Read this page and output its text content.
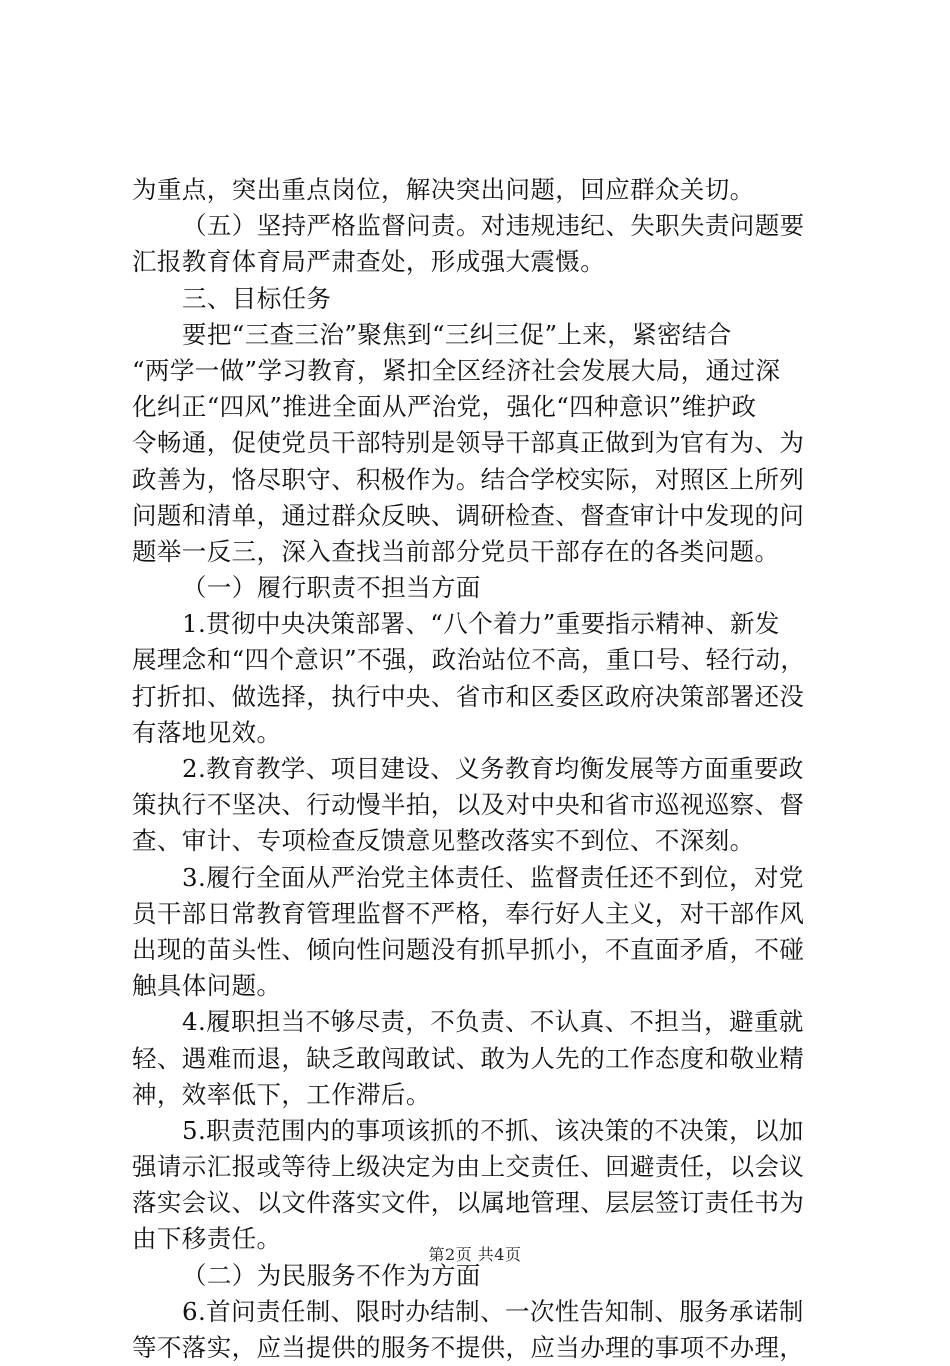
为重点，突出重点岗位，解决突出问题，回应群众关切。
（五）坚持严格监督问责。对违规违纪、失职失责问题要
汇报教育体育局严肃查处，形成强大震慑。
三、目标任务
要把“三查三治”聚焦到“三纠三促”上来，紧密结合
“两学一做”学习教育，紧扣全区经济社会发展大局，通过深
化纠正“四风”推进全面从严治党，强化“四种意识”维护政
令畅通，促使党员干部特别是领导干部真正做到为官有为、为
政善为，恪尽职守、积极作为。结合学校实际，对照区上所列
问题和清单，通过群众反映、调研检查、督查审计中发现的问
题举一反三，深入查找当前部分党员干部存在的各类问题。
（一）履行职责不担当方面
1.贯彻中央决策部署、“八个着力”重要指示精神、新发
展理念和“四个意识”不强，政治站位不高，重口号、轻行动，
打折扣、做选择，执行中央、省市和区委区政府决策部署还没
有落地见效。
2.教育教学、项目建设、义务教育均衡发展等方面重要政
策执行不坚决、行动慢半拍，以及对中央和省市巡视巡察、督
查、审计、专项检查反馈意见整改落实不到位、不深刻。
3.履行全面从严治党主体责任、监督责任还不到位，对党
员干部日常教育管理监督不严格，奉行好人主义，对干部作风
出现的苗头性、倾向性问题没有抓早抓小，不直面矛盾，不碰
触具体问题。
4.履职担当不够尽责，不负责、不认真、不担当，避重就
轻、遇难而退，缺乏敢闯敢试、敢为人先的工作态度和敬业精
神，效率低下，工作滞后。
5.职责范围内的事项该抓的不抓、该决策的不决策，以加
强请示汇报或等待上级决定为由上交责任、回避责任，以会议
落实会议、以文件落实文件，以属地管理、层层签订责任书为
由下移责任。
（二）为民服务不作为方面
6.首问责任制、限时办结制、一次性告知制、服务承诺制
等不落实，应当提供的服务不提供，应当办理的事项不办理，
第2页 共4页
